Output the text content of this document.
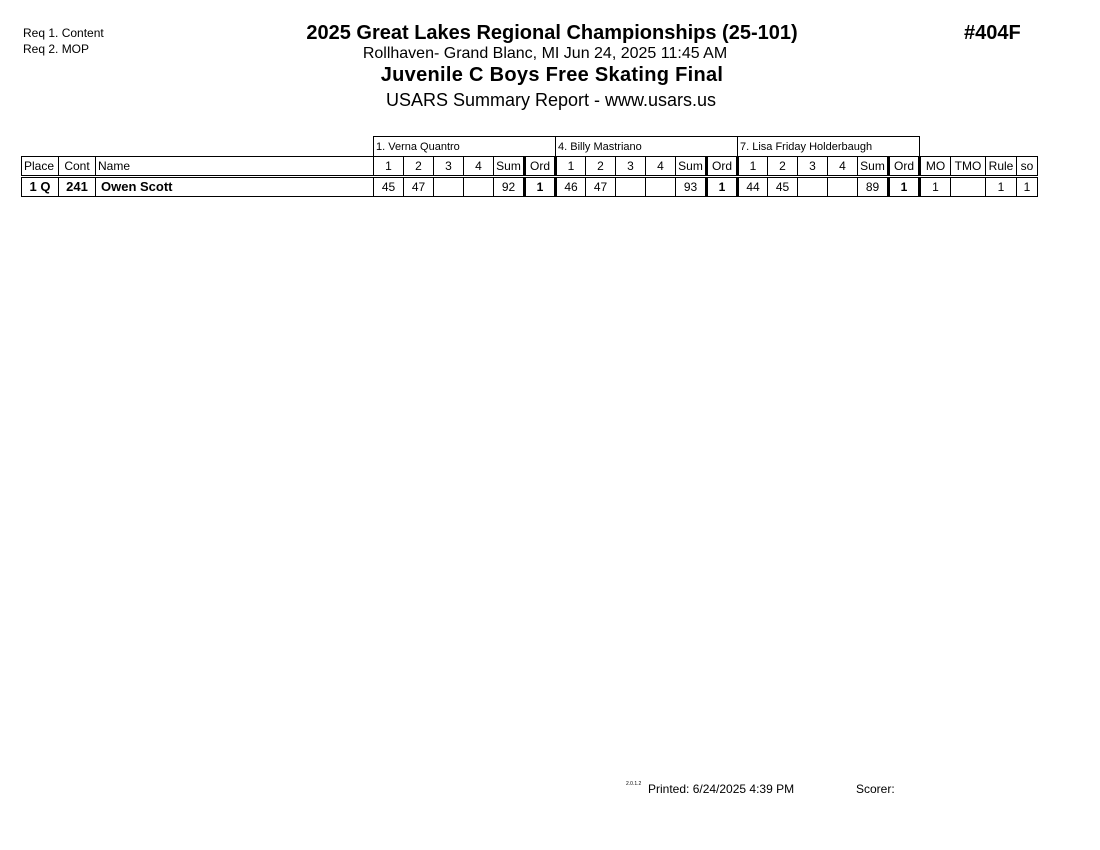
Req 1. Content
Req 2. MOP
2025 Great Lakes Regional Championships (25-101)
Rollhaven- Grand Blanc, MI Jun 24, 2025 11:45 AM
Juvenile C Boys Free Skating Final
USARS Summary Report - www.usars.us
#404F
			1. Verna Quantro						4. Billy Mastriano						7. Lisa Friday Holderbaugh									
Place	Cont	Name	1	2	3	4	Sum	Ord	1	2	3	4	Sum	Ord	1	2	3	4	Sum	Ord	MO	TMO	Rule	so
1 Q	241	Owen Scott	45	47			92	1	46	47			93	1	44	45			89	1	1		1	1
2.0.1.2 Printed: 6/24/2025 4:39 PM	Scorer:
